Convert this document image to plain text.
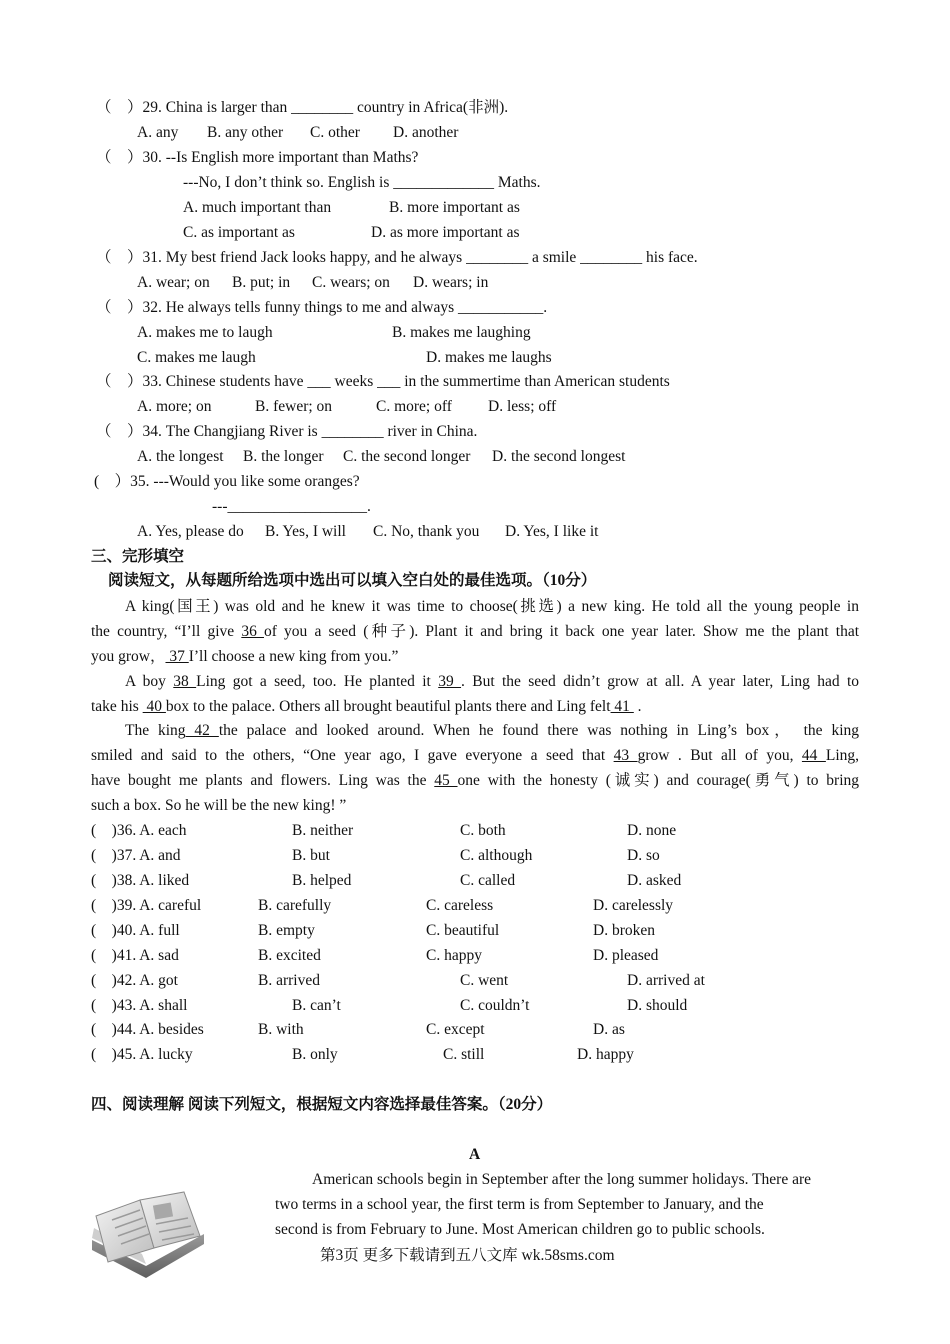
（　）29. China is larger than ________ country in Africa(非洲).
A. any B. any other C. other D. another
（　）30. --Is English more important than Maths?
---No, I don’t think so. English is _____________ Maths.
A. much important than	B. more important as
C. as important as	D. as more important as
（　）31. My best friend Jack looks happy, and he always ________ a smile ________ his face.
A. wear; on B. put; in C. wears; on D. wears; in
（　）32. He always tells funny things to me and always ___________.
A. makes me to laugh	B. makes me laughing
C. makes me laugh	D. makes me laughs
（　）33. Chinese students have ___ weeks ___ in the summertime than American students
A. more; on	B. fewer; on	C. more; off D. less; off
（　）34. The Changjiang River is ________ river in China.
A. the longest B. the longer C. the second longer D. the second longest
(　）35. ---Would you like some oranges?
---__________________.
A. Yes, please do B. Yes, I will C. No, thank you D. Yes, I like it
三、完形填空
阅读短文，从每题所给选项中选出可以填入空白处的最佳选项。（10分）
A king(国王) was old and he knew it was time to choose(挑选) a new king. He told all the young people in
the country, “I’ll give 36 of you a seed (种子). Plant it and bring it back one year later. Show me the plant that
you grow， 37 I’ll choose a new king from you.”
A boy 38 Ling got a seed, too. He planted it 39 . But the seed didn’t grow at all. A year later, Ling had to
take his  40 box to the palace. Others all brought beautiful plants there and Ling felt 41  .
The king 42 the palace and looked around. When he found there was nothing in Ling’s box， the king
smiled and said to the others, “One year ago, I gave everyone a seed that 43 grow . But all of you, 44 Ling,
have bought me plants and flowers. Ling was the 45 one with the honesty (诚实) and courage(勇气) to bring
such a box. So he will be the new king! ”
(　)36. A. each	B. neither	C. both	D. none
(　)37. A. and	B. but	C. although	D. so
(　)38. A. liked	B. helped	C. called	D. asked
(　)39. A. careful	B. carefully	C. careless	D. carelessly
(　)40. A. full	B. empty	C. beautiful	D. broken
(　)41. A. sad	B. excited	C. happy	D. pleased
(　)42. A. got	B. arrived	C. went	D. arrived at
(　)43. A. shall	B. can’t	C. couldn’t	D. should
(　)44. A. besides	B. with	C. except	D. as
(　)45. A. lucky	B. only	C. still	D. happy
四、阅读理解 阅读下列短文，根据短文内容选择最佳答案。（20分）
A
American schools begin in September after the long summer holidays. There are
two terms in a school year, the first term is from September to January, and the
second is from February to June. Most American children go to public schools.
第3页 更多下载请到五八文库 wk.58sms.com
